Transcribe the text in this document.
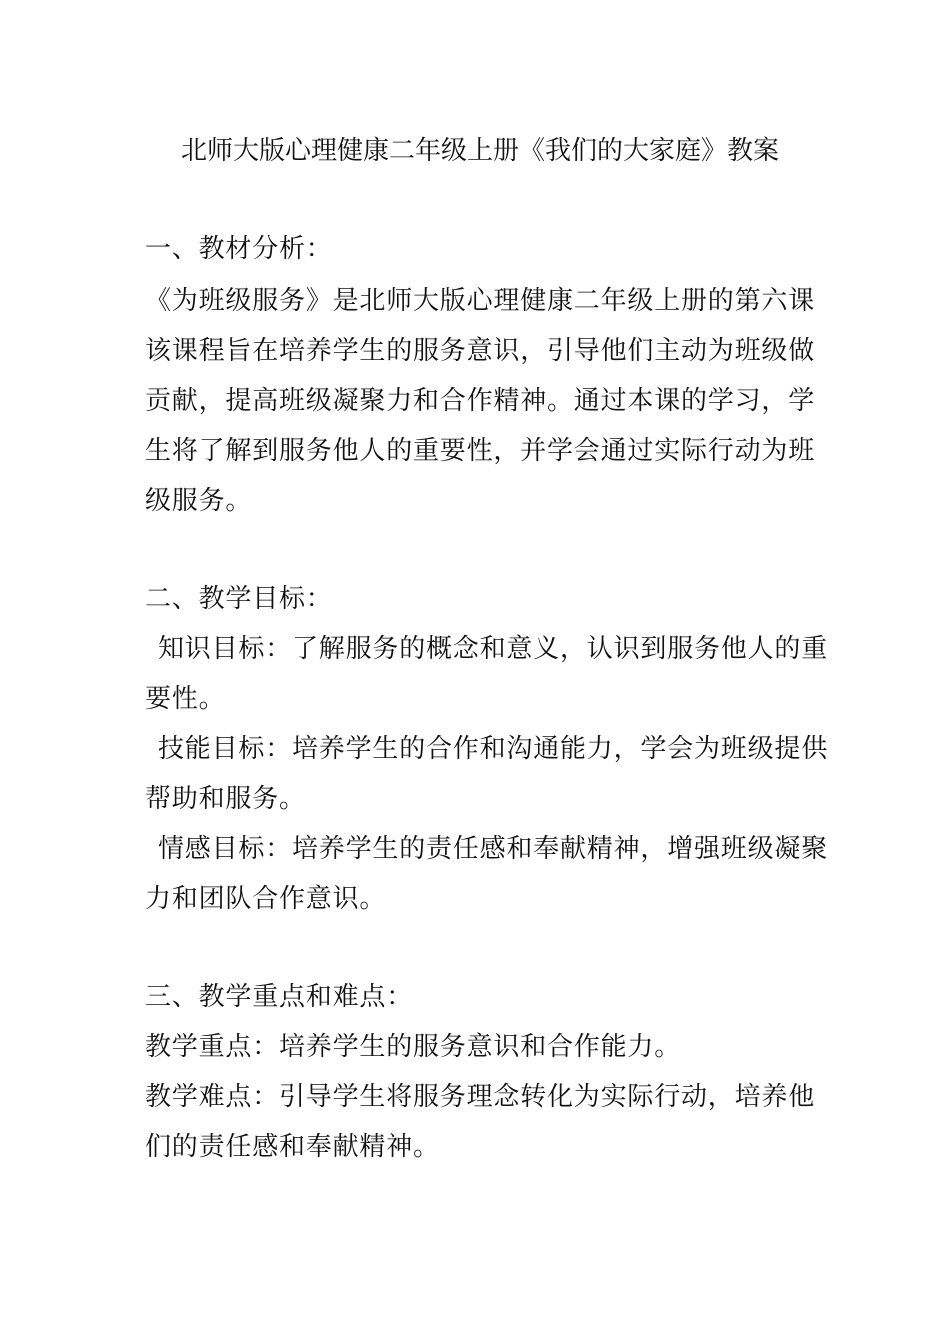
北师大版心理健康二年级上册《我们的大家庭》教案
一、教材分析：
《为班级服务》是北师大版心理健康二年级上册的第六课
该课程旨在培养学生的服务意识，引导他们主动为班级做
贡献，提高班级凝聚力和合作精神。通过本课的学习，学
生将了解到服务他人的重要性，并学会通过实际行动为班
级服务。
二、教学目标：
知识目标：了解服务的概念和意义，认识到服务他人的重
要性。
技能目标：培养学生的合作和沟通能力，学会为班级提供
帮助和服务。
情感目标：培养学生的责任感和奉献精神，增强班级凝聚
力和团队合作意识。
三、教学重点和难点：
教学重点：培养学生的服务意识和合作能力。
教学难点：引导学生将服务理念转化为实际行动，培养他
们的责任感和奉献精神。
